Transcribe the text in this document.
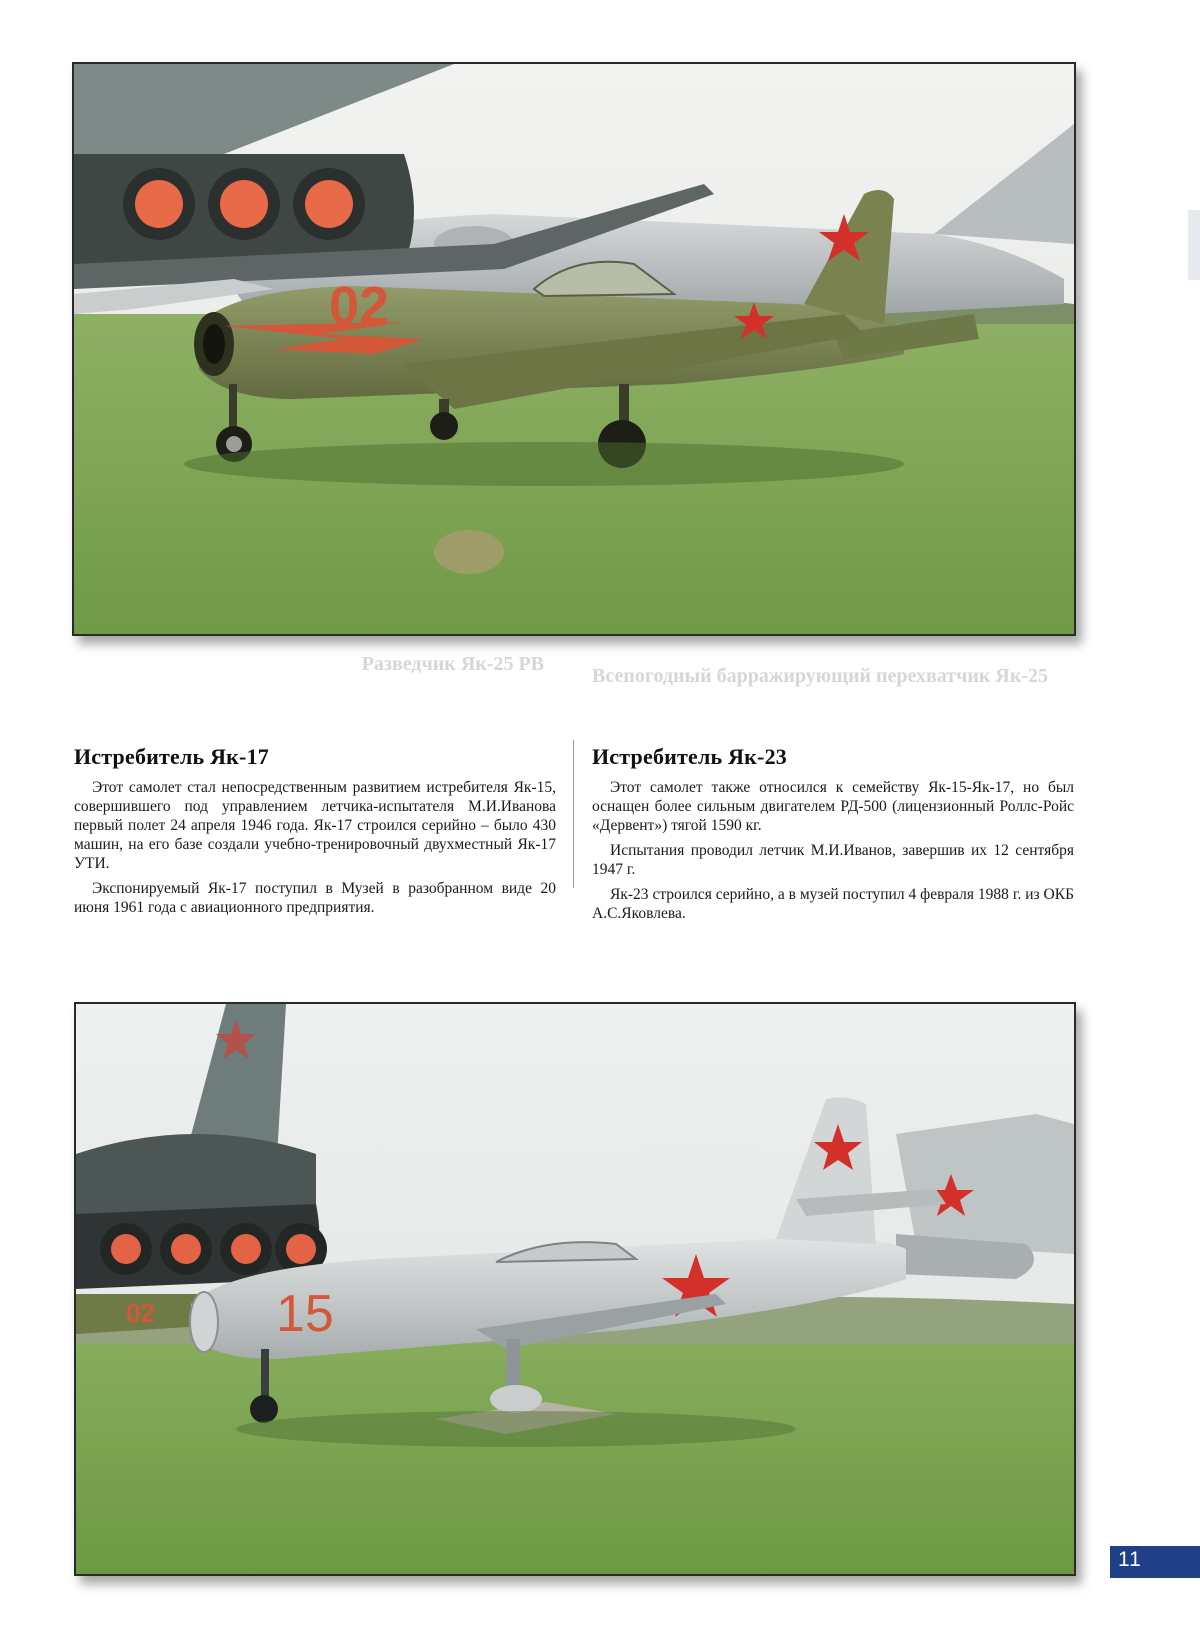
02
Разведчик Як-25 РВ
Всепогодный барражирующий перехватчик Як-25
Истребитель Як-17

Этот самолет стал непосредственным развитием истребителя Як-15, совершившего под управлением летчика-испытателя М.И.Иванова первый полет 24 апреля 1946 года. Як-17 строился серийно – было 430 машин, на его базе создали учебно-тренировочный двухместный Як-17 УТИ.

Экспонируемый Як-17 поступил в Музей в разобранном виде 20 июня 1961 года с авиационного предприятия.

Истребитель Як-23

Этот самолет также относился к семейству Як-15-Як-17, но был оснащен более сильным двигателем РД-500 (лицензионный Роллс-Ройс «Дервент») тягой 1590 кг.

Испытания проводил летчик М.И.Иванов, завершив их 12 сентября 1947 г.

Як-23 строился серийно, а в музей поступил 4 февраля 1988 г. из ОКБ А.С.Яковлева.

15
02
11
